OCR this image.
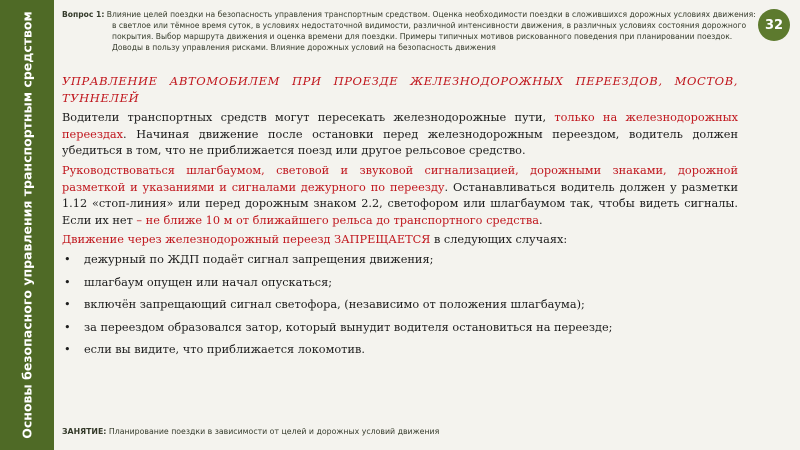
Основы безопасного управления транспортным средством	Вопрос 1: Влияние целей поездки на безопасность управления транспортным средством. Оценка необходимости поездки в сложившихся дорожных условиях движения: в светлое или тёмное время суток, в условиях недостаточной видимости, различной интенсивности движения, в различных условиях состояния дорожного покрытия. Выбор маршрута движения и оценка времени для поездки. Примеры типичных мотивов рискованного поведения при планировании поездок. Доводы в пользу управления рисками. Влияние дорожных условий на безопасность движения
32

УПРАВЛЕНИЕ АВТОМОБИЛЕМ ПРИ ПРОЕЗДЕ ЖЕЛЕЗНОДОРОЖНЫХ ПЕРЕЕЗДОВ, МОСТОВ, ТУННЕЛЕЙ

Водители транспортных средств могут пересекать железнодорожные пути, только на железнодорожных переездах. Начиная движение после остановки перед железнодорожным переездом, водитель должен убедиться в том, что не приближается поезд или другое рельсовое средство.

Руководствоваться шлагбаумом, световой и звуковой сигнализацией, дорожными знаками, дорожной разметкой и указаниями и сигналами дежурного по переезду. Останавливаться водитель должен у разметки 1.12 «стоп-линия» или перед дорожным знаком 2.2, светофором или шлагбаумом так, чтобы видеть сигналы. Если их нет – не ближе 10 м от ближайшего рельса до транспортного средства.

Движение через железнодорожный переезд ЗАПРЕЩАЕТСЯ в следующих случаях:

• дежурный по ЖДП подаёт сигнал запрещения движения;
• шлагбаум опущен или начал опускаться;
• включён запрещающий сигнал светофора, (независимо от положения шлагбаума);
• за переездом образовался затор, который вынудит водителя остановиться на переезде;
• если вы видите, что приближается локомотив.
ЗАНЯТИЕ: Планирование поездки в зависимости от целей и дорожных условий движения
